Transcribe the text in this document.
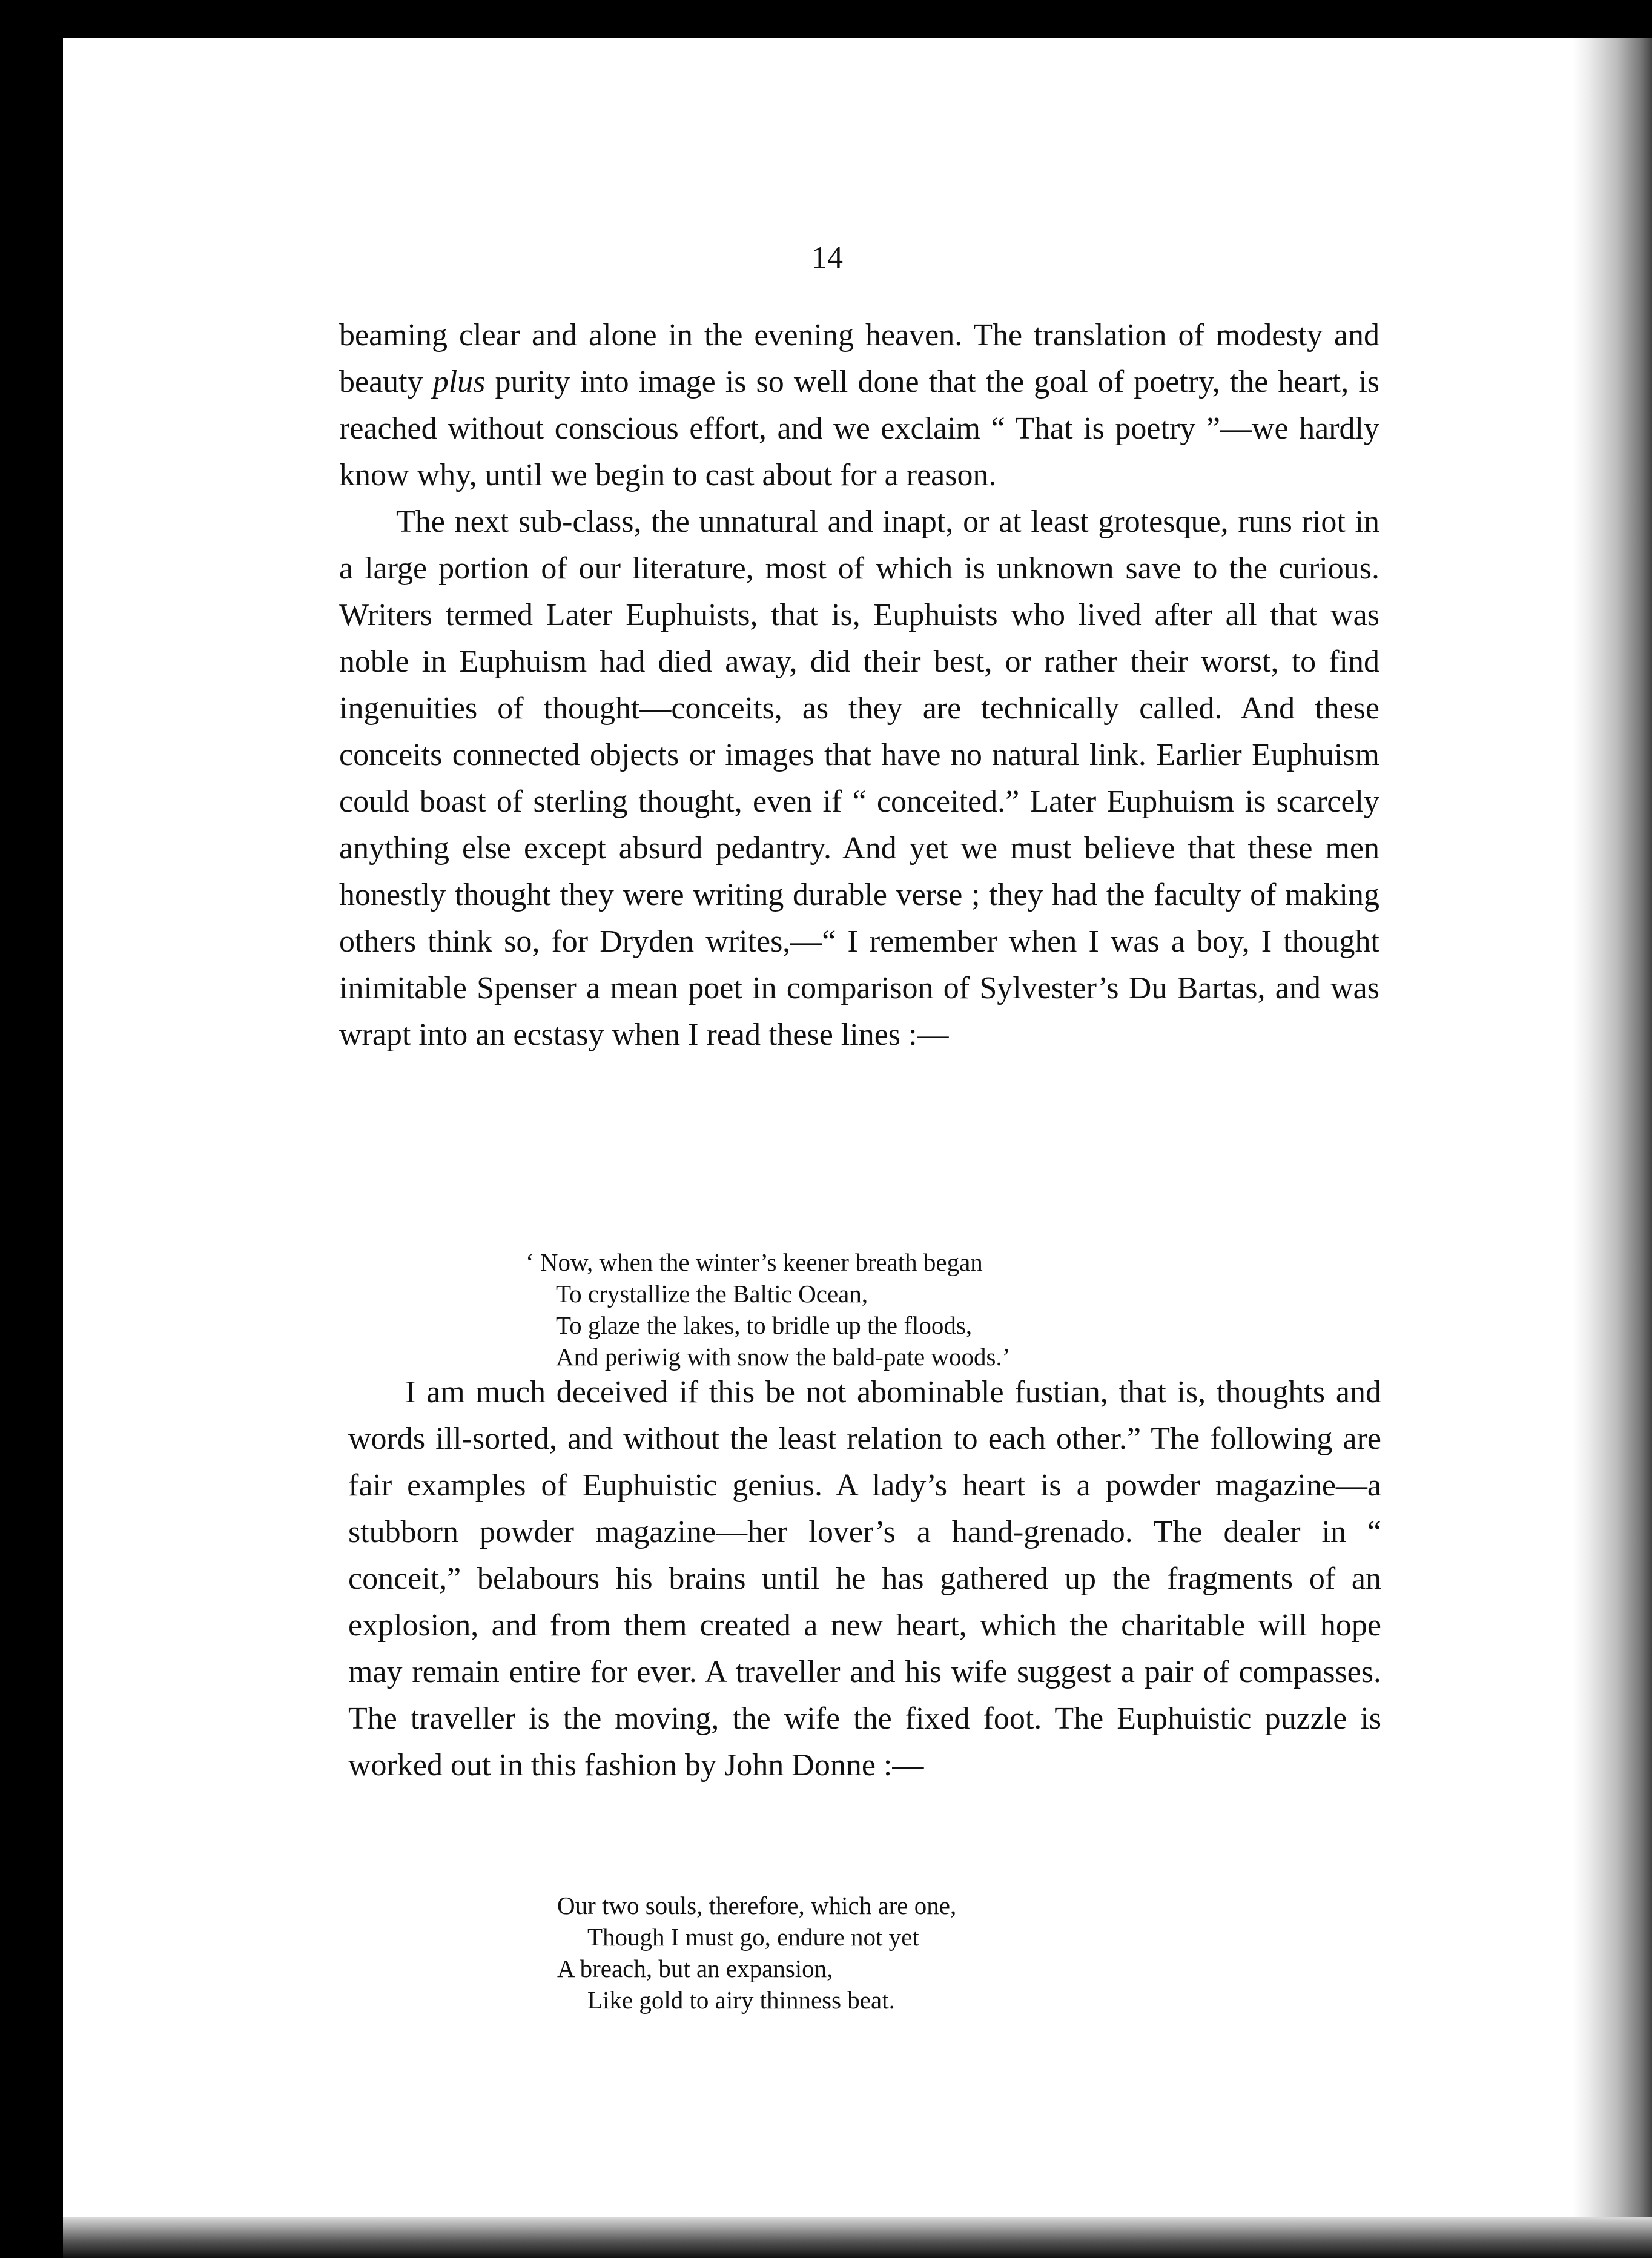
14

beaming clear and alone in the evening heaven. The translation of modesty and beauty plus purity into image is so well done that the goal of poetry, the heart, is reached without conscious effort, and we exclaim “ That is poetry ”—we hardly know why, until we begin to cast about for a reason.

The next sub-class, the unnatural and inapt, or at least grotesque, runs riot in a large portion of our literature, most of which is unknown save to the curious. Writers termed Later Euphuists, that is, Euphuists who lived after all that was noble in Euphuism had died away, did their best, or rather their worst, to find ingenuities of thought—conceits, as they are technically called. And these conceits connected objects or images that have no natural link. Earlier Euphuism could boast of sterling thought, even if “ conceited.” Later Euphuism is scarcely anything else except absurd pedantry. And yet we must believe that these men honestly thought they were writing durable verse ; they had the faculty of making others think so, for Dryden writes,—“ I remember when I was a boy, I thought inimitable Spenser a mean poet in comparison of Sylvester’s Du Bartas, and was wrapt into an ecstasy when I read these lines :—

‘ Now, when the winter’s keener breath began
To crystallize the Baltic Ocean,
To glaze the lakes, to bridle up the floods,
And periwig with snow the bald-pate woods.’

I am much deceived if this be not abominable fustian, that is, thoughts and words ill-sorted, and without the least relation to each other.” The following are fair examples of Euphuistic genius. A lady’s heart is a powder magazine—a stubborn powder magazine—her lover’s a hand-grenado. The dealer in “ conceit,” belabours his brains until he has gathered up the fragments of an explosion, and from them created a new heart, which the charitable will hope may remain entire for ever. A traveller and his wife suggest a pair of compasses. The traveller is the moving, the wife the fixed foot. The Euphuistic puzzle is worked out in this fashion by John Donne :—

Our two souls, therefore, which are one,
Though I must go, endure not yet
A breach, but an expansion,
Like gold to airy thinness beat.
